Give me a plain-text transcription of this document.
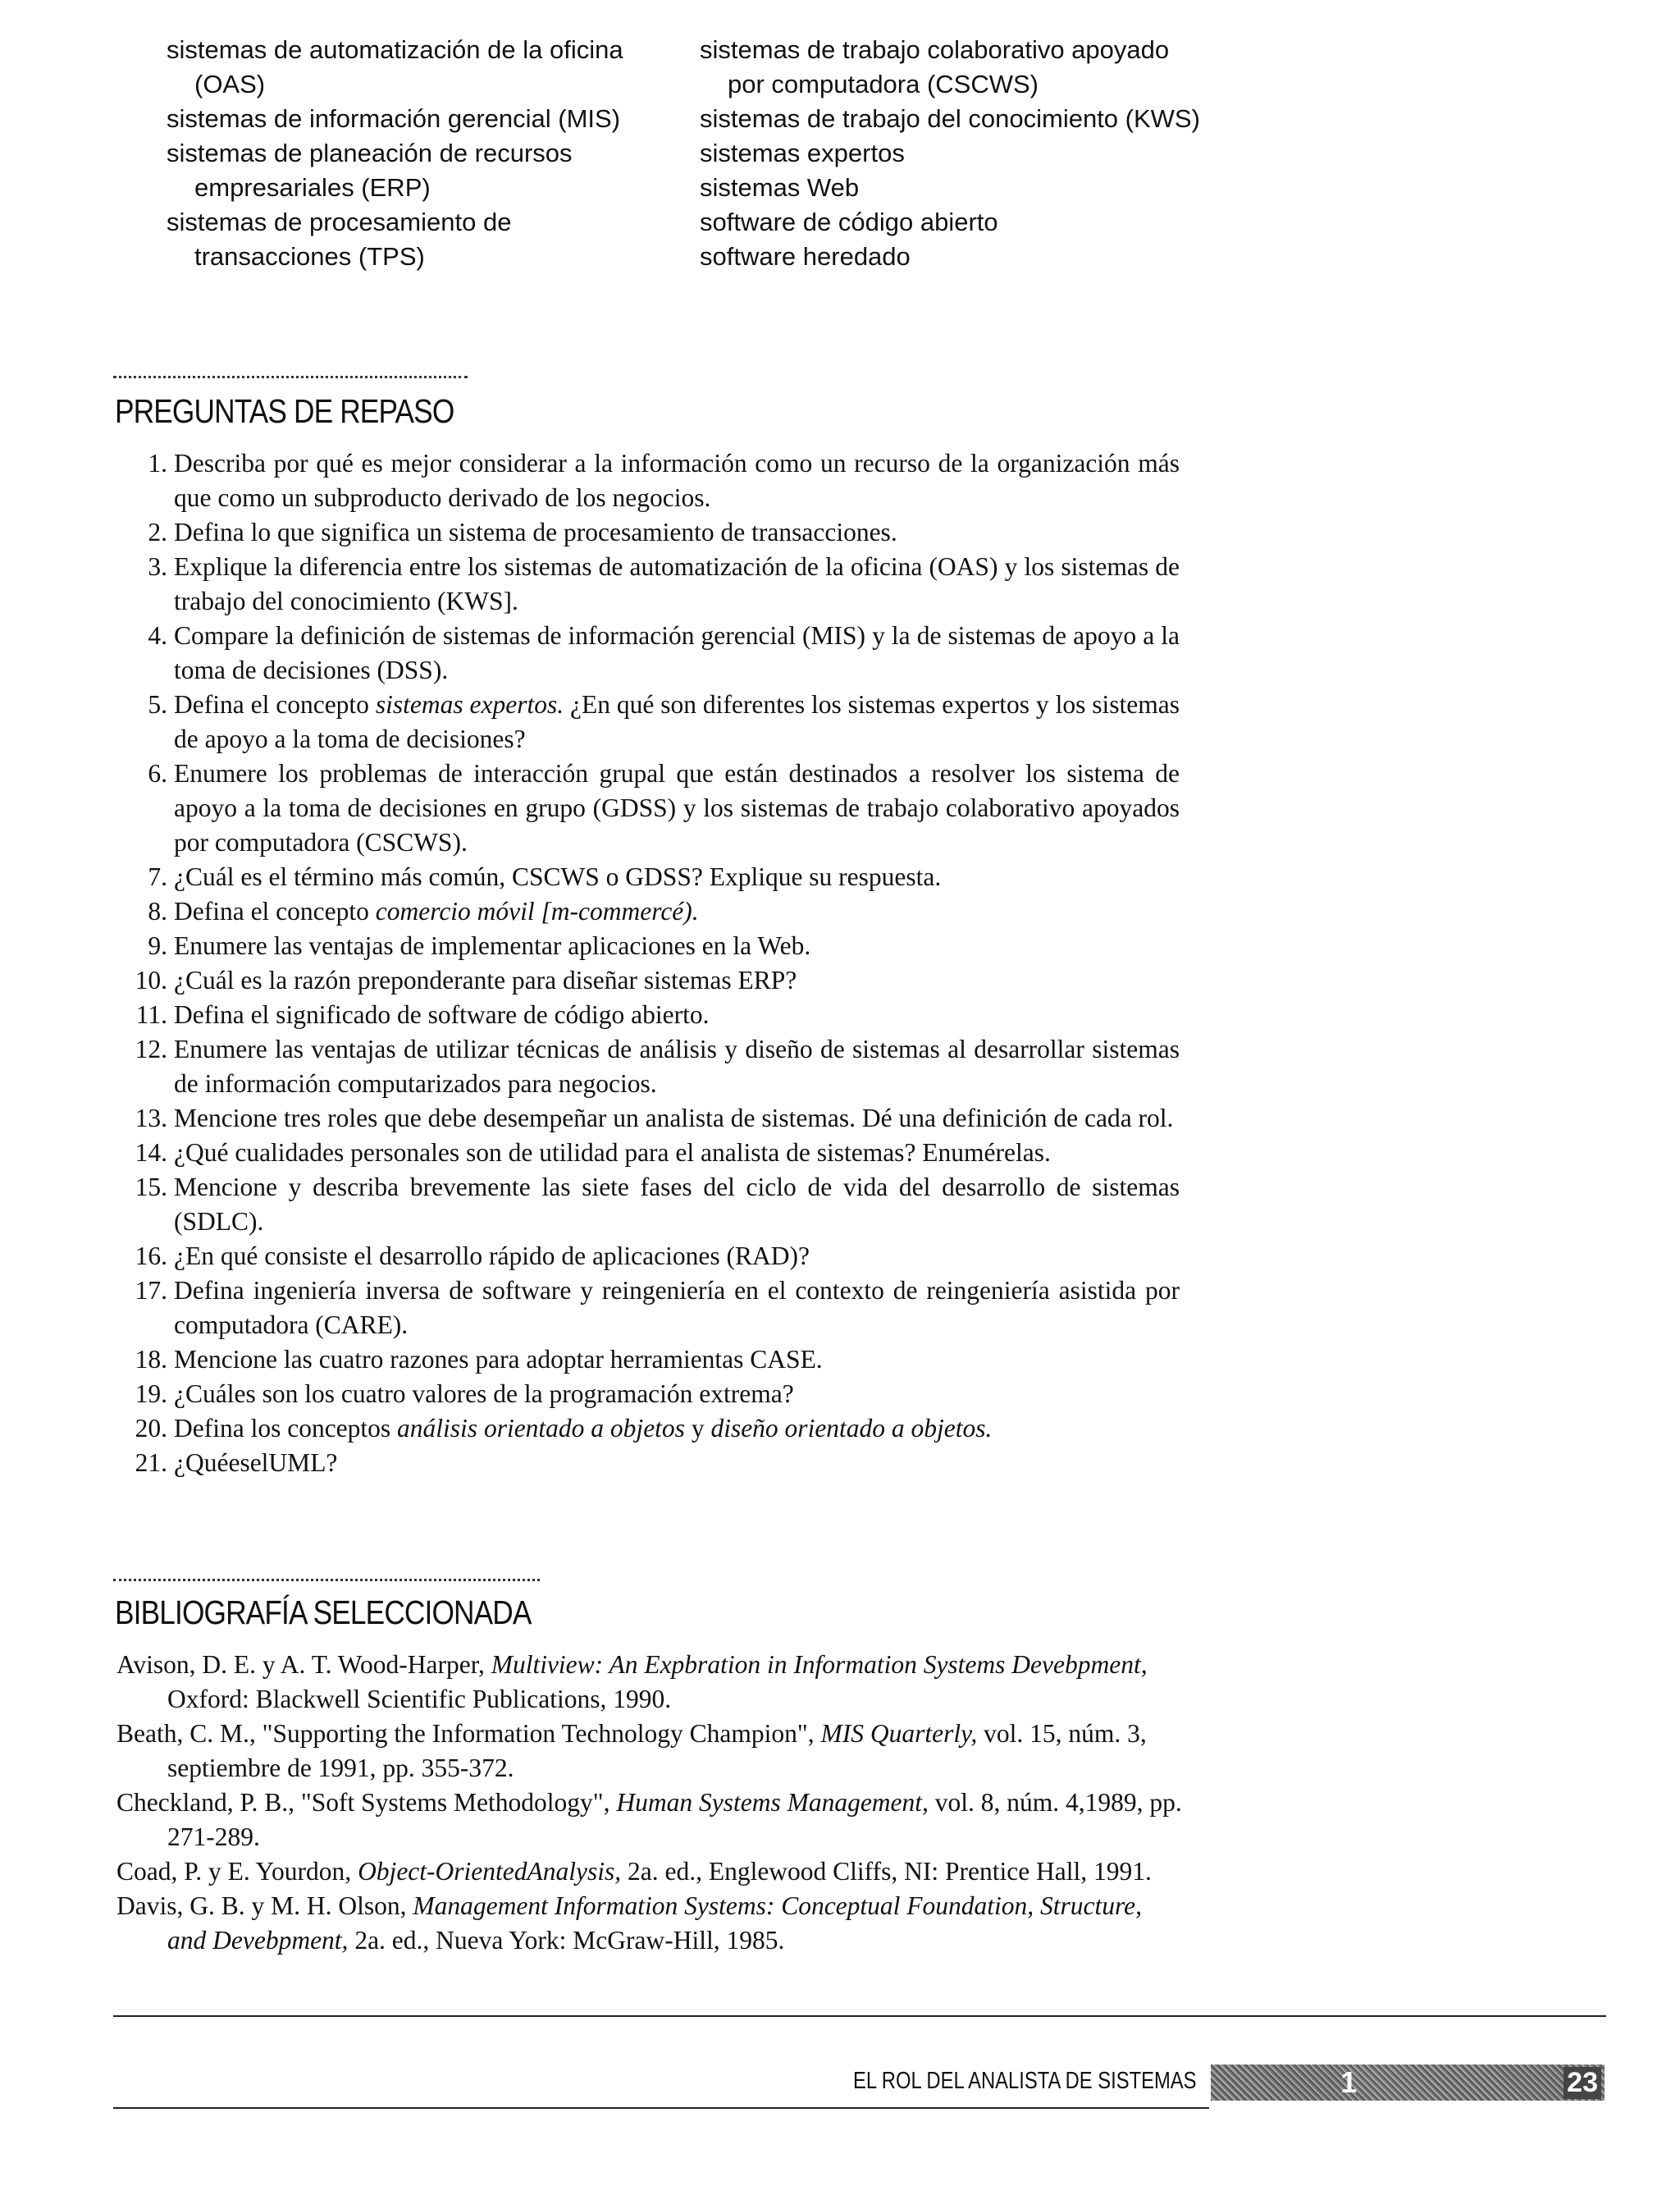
sistemas de automatización de la oficina (OAS)
sistemas de información gerencial (MIS)
sistemas de planeación de recursos empresariales (ERP)
sistemas de procesamiento de transacciones (TPS)
sistemas de trabajo colaborativo apoyado por computadora (CSCWS)
sistemas de trabajo del conocimiento (KWS)
sistemas expertos
sistemas Web
software de código abierto
software heredado
PREGUNTAS DE REPASO
1. Describa por qué es mejor considerar a la información como un recurso de la organización más que como un subproducto derivado de los negocios.
2. Defina lo que significa un sistema de procesamiento de transacciones.
3. Explique la diferencia entre los sistemas de automatización de la oficina (OAS) y los sistemas de trabajo del conocimiento (KWS].
4. Compare la definición de sistemas de información gerencial (MIS) y la de sistemas de apoyo a la toma de decisiones (DSS).
5. Defina el concepto sistemas expertos. ¿En qué son diferentes los sistemas expertos y los sistemas de apoyo a la toma de decisiones?
6. Enumere los problemas de interacción grupal que están destinados a resolver los sistema de apoyo a la toma de decisiones en grupo (GDSS) y los sistemas de trabajo colaborativo apoyados por computadora (CSCWS).
7. ¿Cuál es el término más común, CSCWS o GDSS? Explique su respuesta.
8. Defina el concepto comercio móvil [m-commercé).
9. Enumere las ventajas de implementar aplicaciones en la Web.
10. ¿Cuál es la razón preponderante para diseñar sistemas ERP?
11. Defina el significado de software de código abierto.
12. Enumere las ventajas de utilizar técnicas de análisis y diseño de sistemas al desarrollar sistemas de información computarizados para negocios.
13. Mencione tres roles que debe desempeñar un analista de sistemas. Dé una definición de cada rol.
14. ¿Qué cualidades personales son de utilidad para el analista de sistemas? Enumérelas.
15. Mencione y describa brevemente las siete fases del ciclo de vida del desarrollo de sistemas (SDLC).
16. ¿En qué consiste el desarrollo rápido de aplicaciones (RAD)?
17. Defina ingeniería inversa de software y reingeniería en el contexto de reingeniería asistida por computadora (CARE).
18. Mencione las cuatro razones para adoptar herramientas CASE.
19. ¿Cuáles son los cuatro valores de la programación extrema?
20. Defina los conceptos análisis orientado a objetos y diseño orientado a objetos.
21. ¿QuéeselUML?
BIBLIOGRAFÍA SELECCIONADA
Avison, D. E. y A. T. Wood-Harper, Multiview: An Expbration in Information Systems Devebpment, Oxford: Blackwell Scientific Publications, 1990.
Beath, C. M., "Supporting the Information Technology Champion", MIS Quarterly, vol. 15, núm. 3, septiembre de 1991, pp. 355-372.
Checkland, P. B., "Soft Systems Methodology", Human Systems Management, vol. 8, núm. 4,1989, pp. 271-289.
Coad, P. y E. Yourdon, Object-OrientedAnalysis, 2a. ed., Englewood Cliffs, NI: Prentice Hall, 1991.
Davis, G. B. y M. H. Olson, Management Information Systems: Conceptual Foundation, Structure, and Devebpment, 2a. ed., Nueva York: McGraw-Hill, 1985.
EL ROL DEL ANALISTA DE SISTEMAS	1	23
